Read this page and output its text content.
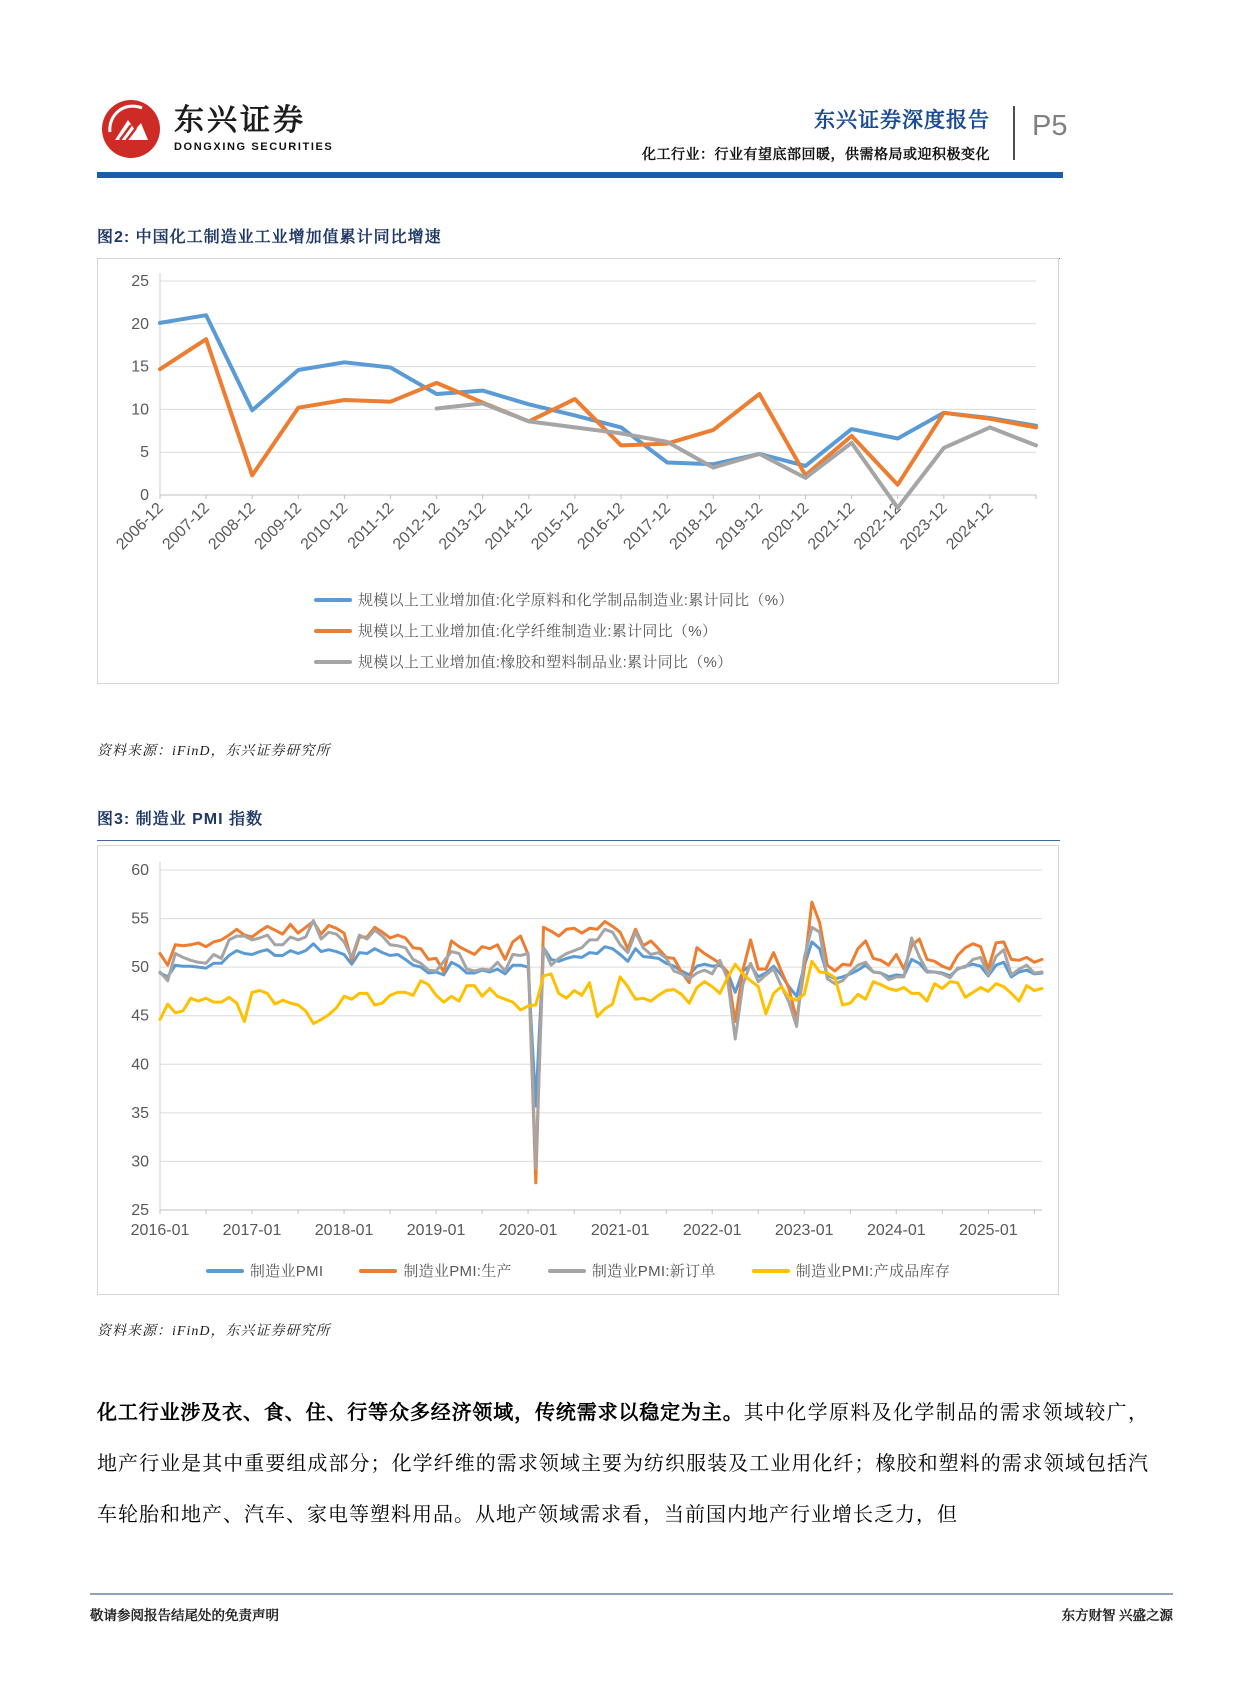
东兴证券
DONGXING SECURITIES
东兴证券深度报告
化工行业：行业有望底部回暖，供需格局或迎积极变化
P5
图2: 中国化工制造业工业增加值累计同比增速
0
5
10
15
20
25
2006-12
2007-12
2008-12
2009-12
2010-12
2011-12
2012-12
2013-12
2014-12
2015-12
2016-12
2017-12
2018-12
2019-12
2020-12
2021-12
2022-12
2023-12
2024-12
规模以上工业增加值:化学原料和化学制品制造业:累计同比（%）
规模以上工业增加值:化学纤维制造业:累计同比（%）
规模以上工业增加值:橡胶和塑料制品业:累计同比（%）
资料来源：iFinD，东兴证券研究所
图3: 制造业 PMI 指数
25
30
35
40
45
50
55
60
2016-01 2017-01 2018-01 2019-01 2020-01 2021-01 2022-01 2023-01 2024-01 2025-01
制造业PMI	制造业PMI:生产	制造业PMI:新订单	制造业PMI:产成品库存
资料来源：iFinD，东兴证券研究所
化工行业涉及衣、食、住、行等众多经济领域，传统需求以稳定为主。其中化学原料及化学制品的需求领域较广，地产行业是其中重要组成部分；化学纤维的需求领域主要为纺织服装及工业用化纤；橡胶和塑料的需求领域包括汽车轮胎和地产、汽车、家电等塑料用品。从地产领域需求看，当前国内地产行业增长乏力，但
敬请参阅报告结尾处的免责声明	东方财智 兴盛之源
